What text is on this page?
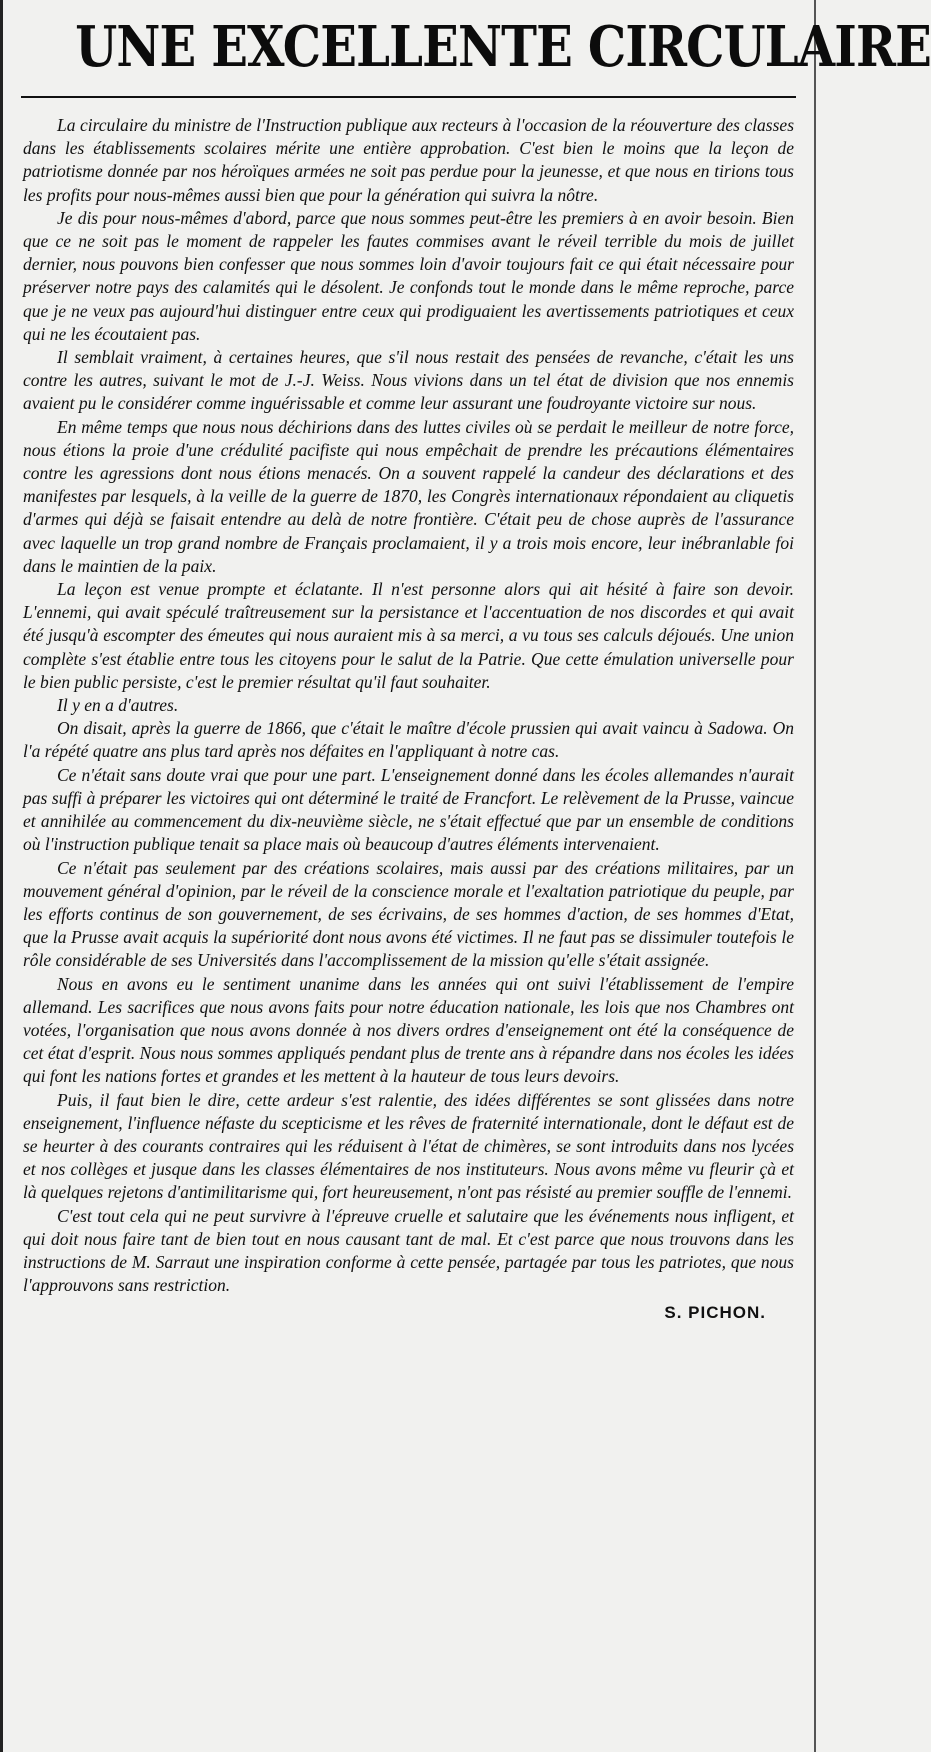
UNE EXCELLENTE CIRCULAIRE

La circulaire du ministre de l'Instruction publique aux recteurs à l'occasion de la réouverture des classes dans les établissements scolaires mérite une entière approbation. C'est bien le moins que la leçon de patriotisme donnée par nos héroïques armées ne soit pas perdue pour la jeunesse, et que nous en tirions tous les profits pour nous-mêmes aussi bien que pour la génération qui suivra la nôtre.

Je dis pour nous-mêmes d'abord, parce que nous sommes peut-être les premiers à en avoir besoin. Bien que ce ne soit pas le moment de rappeler les fautes commises avant le réveil terrible du mois de juillet dernier, nous pouvons bien confesser que nous sommes loin d'avoir toujours fait ce qui était nécessaire pour préserver notre pays des calamités qui le désolent. Je confonds tout le monde dans le même reproche, parce que je ne veux pas aujourd'hui distinguer entre ceux qui prodiguaient les avertissements patriotiques et ceux qui ne les écoutaient pas.

Il semblait vraiment, à certaines heures, que s'il nous restait des pensées de revanche, c'était les uns contre les autres, suivant le mot de J.-J. Weiss. Nous vivions dans un tel état de division que nos ennemis avaient pu le considérer comme inguérissable et comme leur assurant une foudroyante victoire sur nous.

En même temps que nous nous déchirions dans des luttes civiles où se perdait le meilleur de notre force, nous étions la proie d'une crédulité pacifiste qui nous empêchait de prendre les précautions élémentaires contre les agressions dont nous étions menacés. On a souvent rappelé la candeur des déclarations et des manifestes par lesquels, à la veille de la guerre de 1870, les Congrès internationaux répondaient au cliquetis d'armes qui déjà se faisait entendre au delà de notre frontière. C'était peu de chose auprès de l'assurance avec laquelle un trop grand nombre de Français proclamaient, il y a trois mois encore, leur inébranlable foi dans le maintien de la paix.

La leçon est venue prompte et éclatante. Il n'est personne alors qui ait hésité à faire son devoir. L'ennemi, qui avait spéculé traîtreusement sur la persistance et l'accentuation de nos discordes et qui avait été jusqu'à escompter des émeutes qui nous auraient mis à sa merci, a vu tous ses calculs déjoués. Une union complète s'est établie entre tous les citoyens pour le salut de la Patrie. Que cette émulation universelle pour le bien public persiste, c'est le premier résultat qu'il faut souhaiter.

Il y en a d'autres.

On disait, après la guerre de 1866, que c'était le maître d'école prussien qui avait vaincu à Sadowa. On l'a répété quatre ans plus tard après nos défaites en l'appliquant à notre cas.

Ce n'était sans doute vrai que pour une part. L'enseignement donné dans les écoles allemandes n'aurait pas suffi à préparer les victoires qui ont déterminé le traité de Francfort. Le relèvement de la Prusse, vaincue et annihilée au commencement du dix-neuvième siècle, ne s'était effectué que par un ensemble de conditions où l'instruction publique tenait sa place mais où beaucoup d'autres éléments intervenaient.

Ce n'était pas seulement par des créations scolaires, mais aussi par des créations militaires, par un mouvement général d'opinion, par le réveil de la conscience morale et l'exaltation patriotique du peuple, par les efforts continus de son gouvernement, de ses écrivains, de ses hommes d'action, de ses hommes d'Etat, que la Prusse avait acquis la supériorité dont nous avons été victimes. Il ne faut pas se dissimuler toutefois le rôle considérable de ses Universités dans l'accomplissement de la mission qu'elle s'était assignée.

Nous en avons eu le sentiment unanime dans les années qui ont suivi l'établissement de l'empire allemand. Les sacrifices que nous avons faits pour notre éducation nationale, les lois que nos Chambres ont votées, l'organisation que nous avons donnée à nos divers ordres d'enseignement ont été la conséquence de cet état d'esprit. Nous nous sommes appliqués pendant plus de trente ans à répandre dans nos écoles les idées qui font les nations fortes et grandes et les mettent à la hauteur de tous leurs devoirs.

Puis, il faut bien le dire, cette ardeur s'est ralentie, des idées différentes se sont glissées dans notre enseignement, l'influence néfaste du scepticisme et les rêves de fraternité internationale, dont le défaut est de se heurter à des courants contraires qui les réduisent à l'état de chimères, se sont introduits dans nos lycées et nos collèges et jusque dans les classes élémentaires de nos instituteurs. Nous avons même vu fleurir çà et là quelques rejetons d'antimilitarisme qui, fort heureusement, n'ont pas résisté au premier souffle de l'ennemi.

C'est tout cela qui ne peut survivre à l'épreuve cruelle et salutaire que les événements nous infligent, et qui doit nous faire tant de bien tout en nous causant tant de mal. Et c'est parce que nous trouvons dans les instructions de M. Sarraut une inspiration conforme à cette pensée, partagée par tous les patriotes, que nous l'approuvons sans restriction.

S. PICHON.
